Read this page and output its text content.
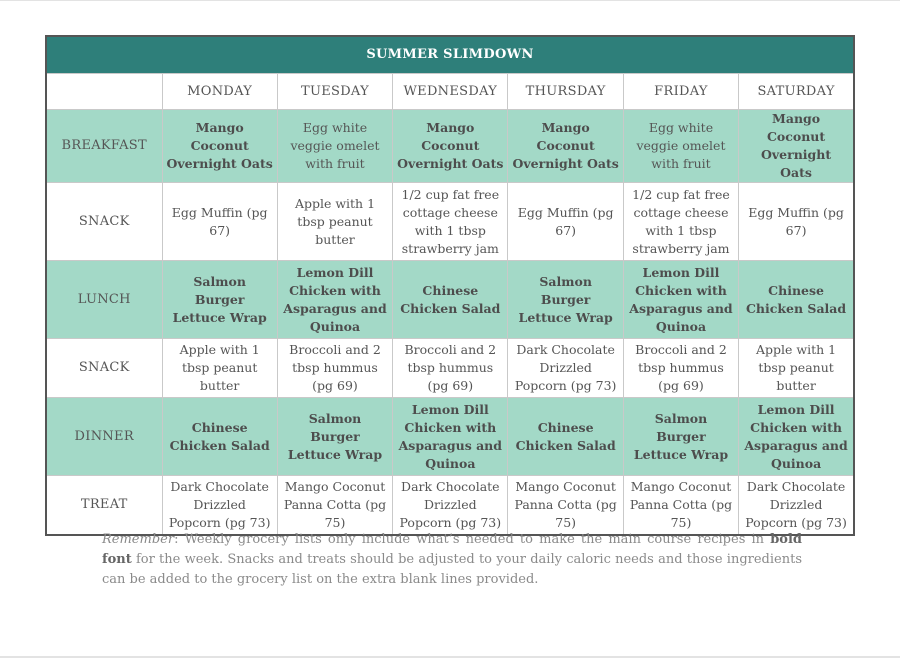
SUMMER SLIMDOWN						
	MONDAY	TUESDAY	WEDNESDAY	THURSDAY	FRIDAY	SATURDAY
BREAKFAST	Mango Coconut Overnight Oats	Egg white veggie omelet with fruit	Mango Coconut Overnight Oats	Mango Coconut Overnight Oats	Egg white veggie omelet with fruit	Mango Coconut Overnight Oats
SNACK	Egg Muffin (pg 67)	Apple with 1 tbsp peanut butter	1/2 cup fat free cottage cheese with 1 tbsp strawberry jam	Egg Muffin (pg 67)	1/2 cup fat free cottage cheese with 1 tbsp strawberry jam	Egg Muffin (pg 67)
LUNCH	Salmon Burger Lettuce Wrap	Lemon Dill Chicken with Asparagus and Quinoa	Chinese Chicken Salad	Salmon Burger Lettuce Wrap	Lemon Dill Chicken with Asparagus and Quinoa	Chinese Chicken Salad
SNACK	Apple with 1 tbsp peanut butter	Broccoli and 2 tbsp hummus (pg 69)	Broccoli and 2 tbsp hummus (pg 69)	Dark Chocolate Drizzled Popcorn (pg 73)	Broccoli and 2 tbsp hummus (pg 69)	Apple with 1 tbsp peanut butter
DINNER	Chinese Chicken Salad	Salmon Burger Lettuce Wrap	Lemon Dill Chicken with Asparagus and Quinoa	Chinese Chicken Salad	Salmon Burger Lettuce Wrap	Lemon Dill Chicken with Asparagus and Quinoa
TREAT	Dark Chocolate Drizzled Popcorn (pg 73)	Mango Coconut Panna Cotta (pg 75)	Dark Chocolate Drizzled Popcorn (pg 73)	Mango Coconut Panna Cotta (pg 75)	Mango Coconut Panna Cotta (pg 75)	Dark Chocolate Drizzled Popcorn (pg 73)
Remember: Weekly grocery lists only include what’s needed to make the main course recipes in bold font for the week. Snacks and treats should be adjusted to your daily caloric needs and those ingredients can be added to the grocery list on the extra blank lines provided.
